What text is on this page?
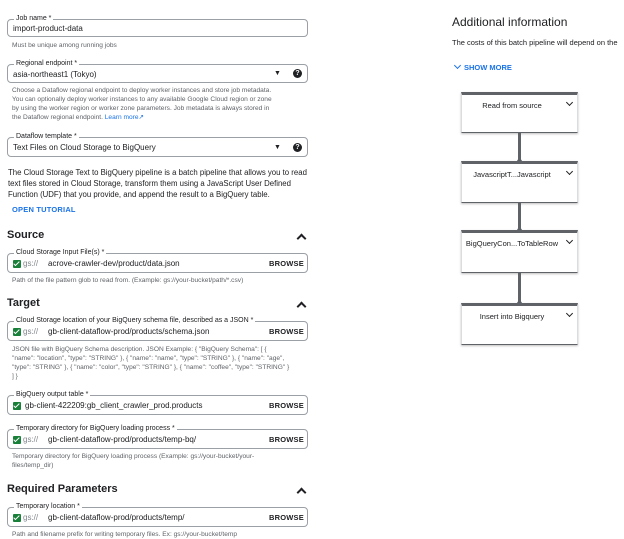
Job name *
import-product-data
Must be unique among running jobs
Regional endpoint *
asia-northeast1 (Tokyo)	▼	?
Choose a Dataflow regional endpoint to deploy worker instances and store job metadata.
You can optionally deploy worker instances to any available Google Cloud region or zone
by using the worker region or worker zone parameters. Job metadata is always stored in
the Dataflow regional endpoint. Learn more↗
Dataflow template *
Text Files on Cloud Storage to BigQuery	▼	?
The Cloud Storage Text to BigQuery pipeline is a batch pipeline that allows you to read
text files stored in Cloud Storage, transform them using a JavaScript User Defined
Function (UDF) that you provide, and append the result to a BigQuery table.
OPEN TUTORIAL
Source
Cloud Storage Input File(s) *
gs:// acrove-crawler-dev/product/data.json	BROWSE
Path of the file pattern glob to read from. (Example: gs://your-bucket/path/*.csv)
Target
Cloud Storage location of your BigQuery schema file, described as a JSON *
gs:// gb-client-dataflow-prod/products/schema.json	BROWSE
JSON file with BigQuery Schema description. JSON Example: { "BigQuery Schema": [ {
"name": "location", "type": "STRING" }, { "name": "name", "type": "STRING" }, { "name": "age",
"type": "STRING" }, { "name": "color", "type": "STRING" }, { "name": "coffee", "type": "STRING" }
] }
BigQuery output table *
gb-client-422209:gb_client_crawler_prod.products	BROWSE
Temporary directory for BigQuery loading process *
gs:// gb-client-dataflow-prod/products/temp-bq/	BROWSE
Temporary directory for BigQuery loading process (Example: gs://your-bucket/your-
files/temp_dir)
Required Parameters
Temporary location *
gs:// gb-client-dataflow-prod/products/temp/	BROWSE
Path and filename prefix for writing temporary files. Ex: gs://your-bucket/temp
Additional information
The costs of this batch pipeline will depend on the
SHOW MORE
Read from source
JavascriptT...Javascript
BigQueryCon...ToTableRow
Insert into Bigquery
